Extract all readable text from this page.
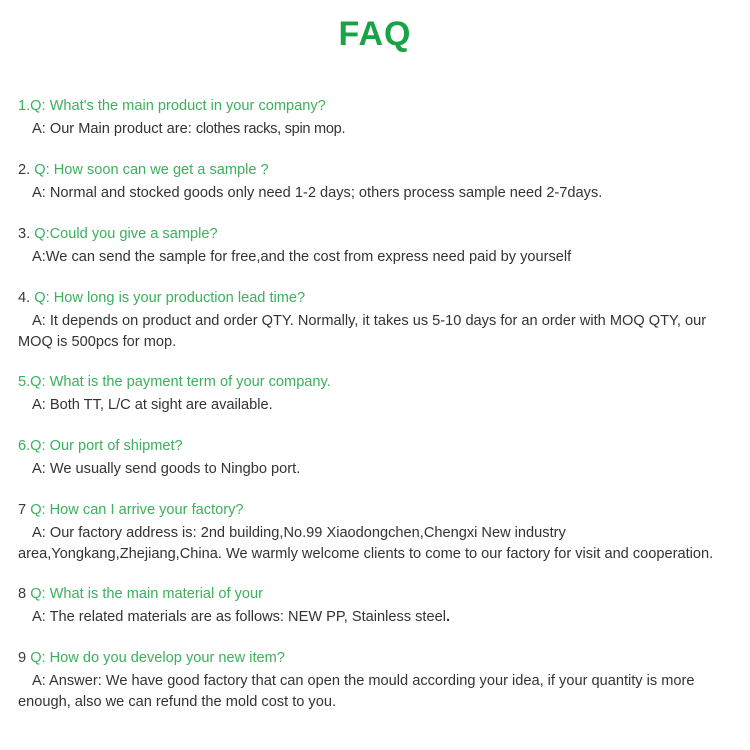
FAQ

1.Q: What's the main product in your company?

A: Our Main product are: clothes racks, spin mop.

2. Q: How soon can we get a sample ?

A: Normal and stocked goods only need 1-2 days; others process sample need 2-7days.

3. Q:Could you give a sample?

A:We can send the sample for free,and the cost from express need paid by yourself

4. Q: How long is your production lead time?

A: It depends on product and order QTY. Normally, it takes us 5-10 days for an order with MOQ QTY, our MOQ is 500pcs for mop.

5.Q: What is the payment term of your company.

A: Both TT, L/C at sight are available.

6.Q: Our port of shipmet?

A: We usually send goods to Ningbo port.

7 Q: How can I arrive your factory?

A: Our factory address is: 2nd building,No.99 Xiaodongchen,Chengxi New industry area,Yongkang,Zhejiang,China. We warmly welcome clients to come to our factory for visit and cooperation.

8 Q: What is the main material of your

A: The related materials are as follows: NEW PP, Stainless steel.

9 Q: How do you develop your new item?

A: Answer: We have good factory that can open the mould according your idea, if your quantity is more enough, also we can refund the mold cost to you.
